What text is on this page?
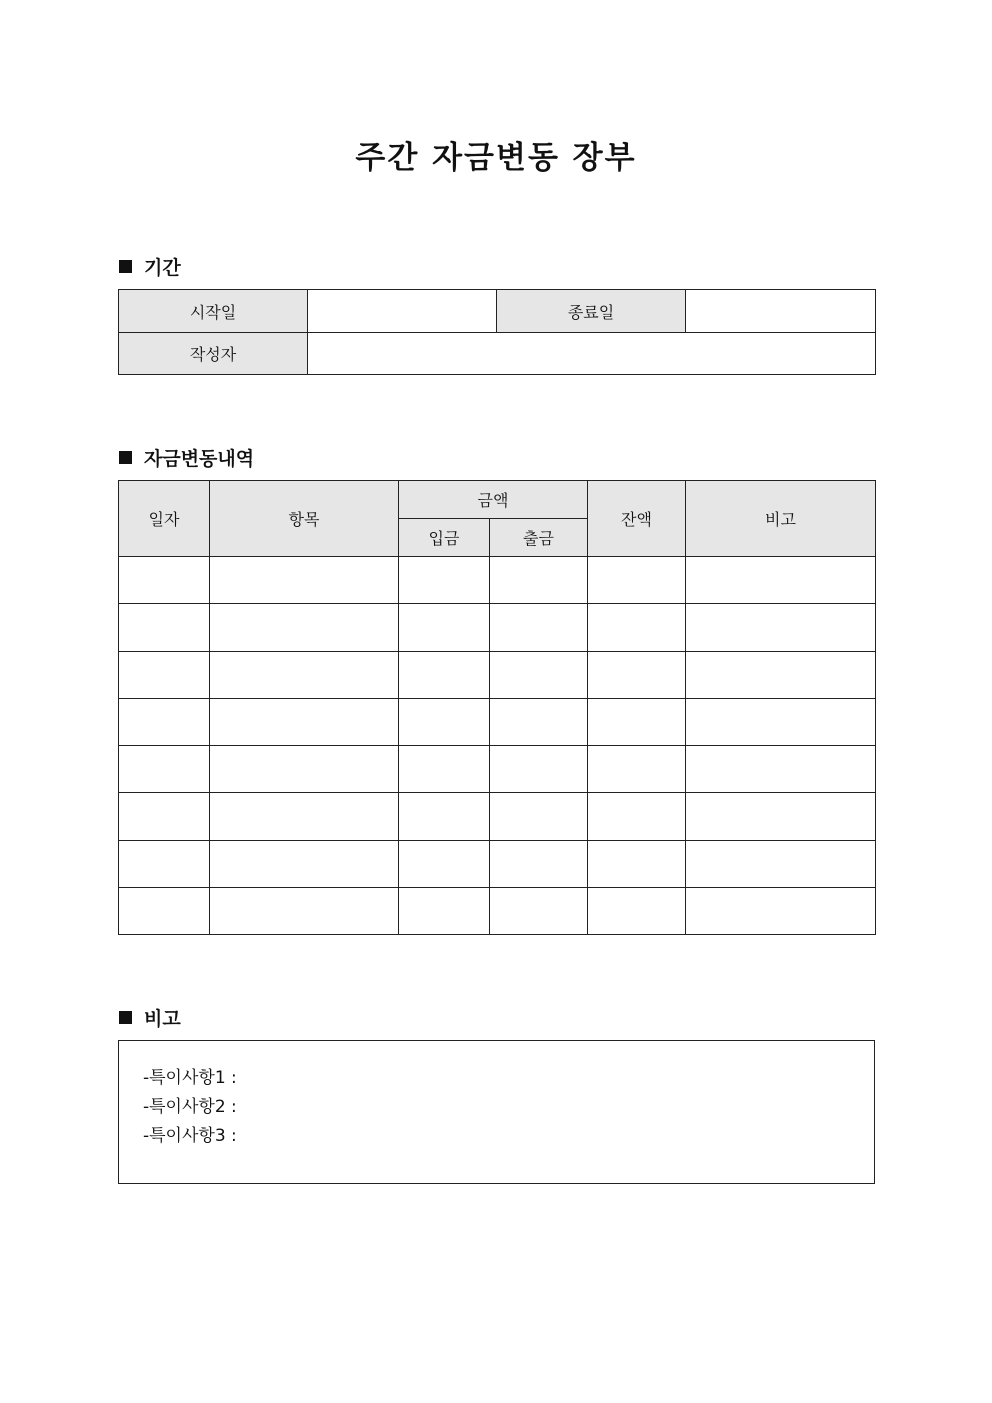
주간 자금변동 장부
기간
시작일		종료일	
작성자			
자금변동내역
일자	항목	금액		잔액	비고
		입금	출금		

비고
-특이사항1 :
-특이사항2 :
-특이사항3 :
